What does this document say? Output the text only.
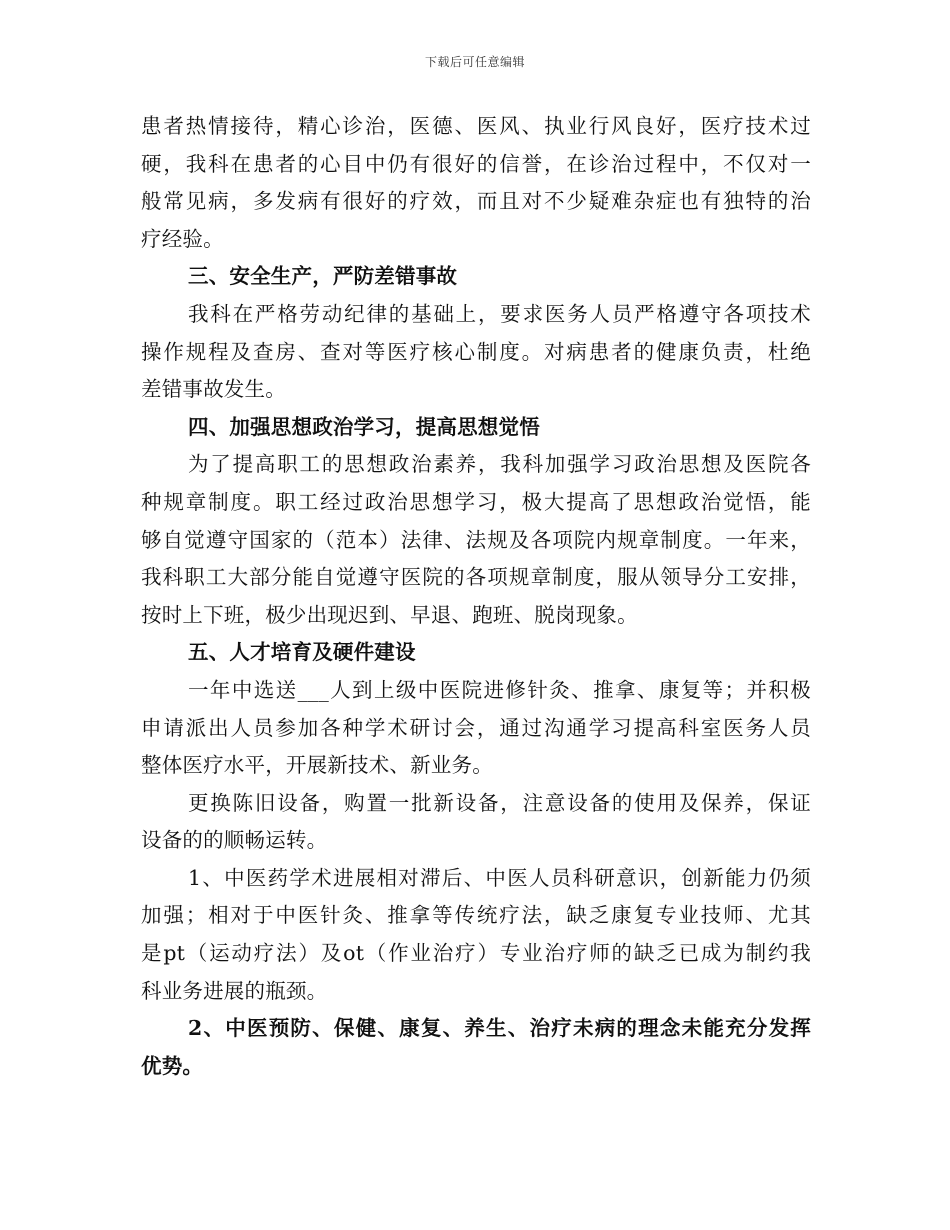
下载后可任意编辑
患者热情接待，精心诊治，医德、医风、执业行风良好，医疗技术过
硬，我科在患者的心目中仍有很好的信誉，在诊治过程中，不仅对一
般常见病，多发病有很好的疗效，而且对不少疑难杂症也有独特的治
疗经验。
三、安全生产，严防差错事故
我科在严格劳动纪律的基础上，要求医务人员严格遵守各项技术
操作规程及查房、查对等医疗核心制度。对病患者的健康负责，杜绝
差错事故发生。
四、加强思想政治学习，提高思想觉悟
为了提高职工的思想政治素养，我科加强学习政治思想及医院各
种规章制度。职工经过政治思想学习，极大提高了思想政治觉悟，能
够自觉遵守国家的（范本）法律、法规及各项院内规章制度。一年来，
我科职工大部分能自觉遵守医院的各项规章制度，服从领导分工安排，
按时上下班，极少出现迟到、早退、跑班、脱岗现象。
五、人才培育及硬件建设
一年中选送___人到上级中医院进修针灸、推拿、康复等；并积极
申请派出人员参加各种学术研讨会，通过沟通学习提高科室医务人员
整体医疗水平，开展新技术、新业务。
更换陈旧设备，购置一批新设备，注意设备的使用及保养，保证
设备的的顺畅运转。
1、中医药学术进展相对滞后、中医人员科研意识，创新能力仍须
加强；相对于中医针灸、推拿等传统疗法，缺乏康复专业技师、尤其
是pt（运动疗法）及ot（作业治疗）专业治疗师的缺乏已成为制约我
科业务进展的瓶颈。
2、中医预防、保健、康复、养生、治疗未病的理念未能充分发挥
优势。
